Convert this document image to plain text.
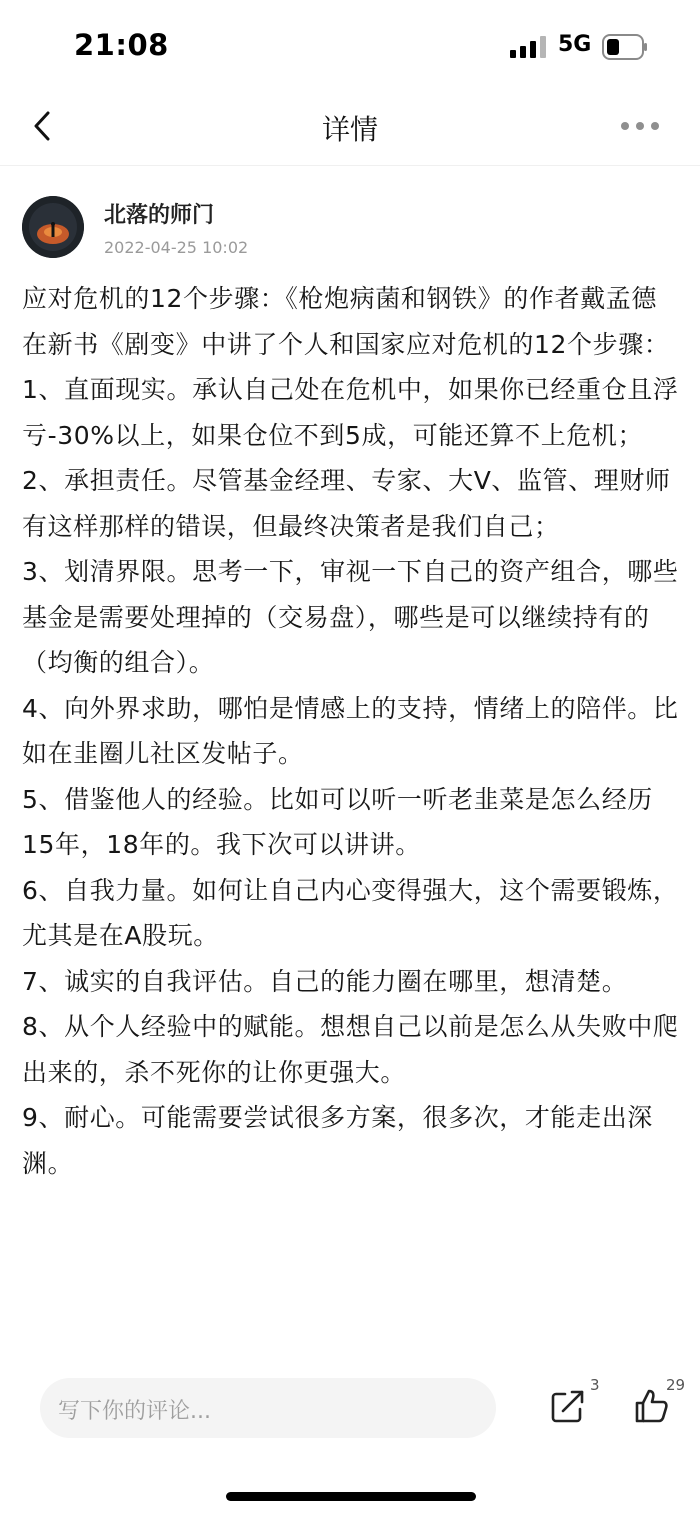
21:08	5G
详情
北落的师门
2022-04-25 10:02

应对危机的12个步骤：《枪炮病菌和钢铁》的作者戴孟德在新书《剧变》中讲了个人和国家应对危机的12个步骤：

1、直面现实。承认自己处在危机中，如果你已经重仓且浮亏-30%以上，如果仓位不到5成，可能还算不上危机；

2、承担责任。尽管基金经理、专家、大V、监管、理财师有这样那样的错误，但最终决策者是我们自己；

3、划清界限。思考一下，审视一下自己的资产组合，哪些基金是需要处理掉的（交易盘），哪些是可以继续持有的（均衡的组合）。

4、向外界求助，哪怕是情感上的支持，情绪上的陪伴。比如在韭圈儿社区发帖子。

5、借鉴他人的经验。比如可以听一听老韭菜是怎么经历15年，18年的。我下次可以讲讲。

6、自我力量。如何让自己内心变得强大，这个需要锻炼，尤其是在A股玩。

7、诚实的自我评估。自己的能力圈在哪里，想清楚。

8、从个人经验中的赋能。想想自己以前是怎么从失败中爬出来的，杀不死你的让你更强大。

9、耐心。可能需要尝试很多方案，很多次，才能走出深渊。

写下你的评论...
3	29
